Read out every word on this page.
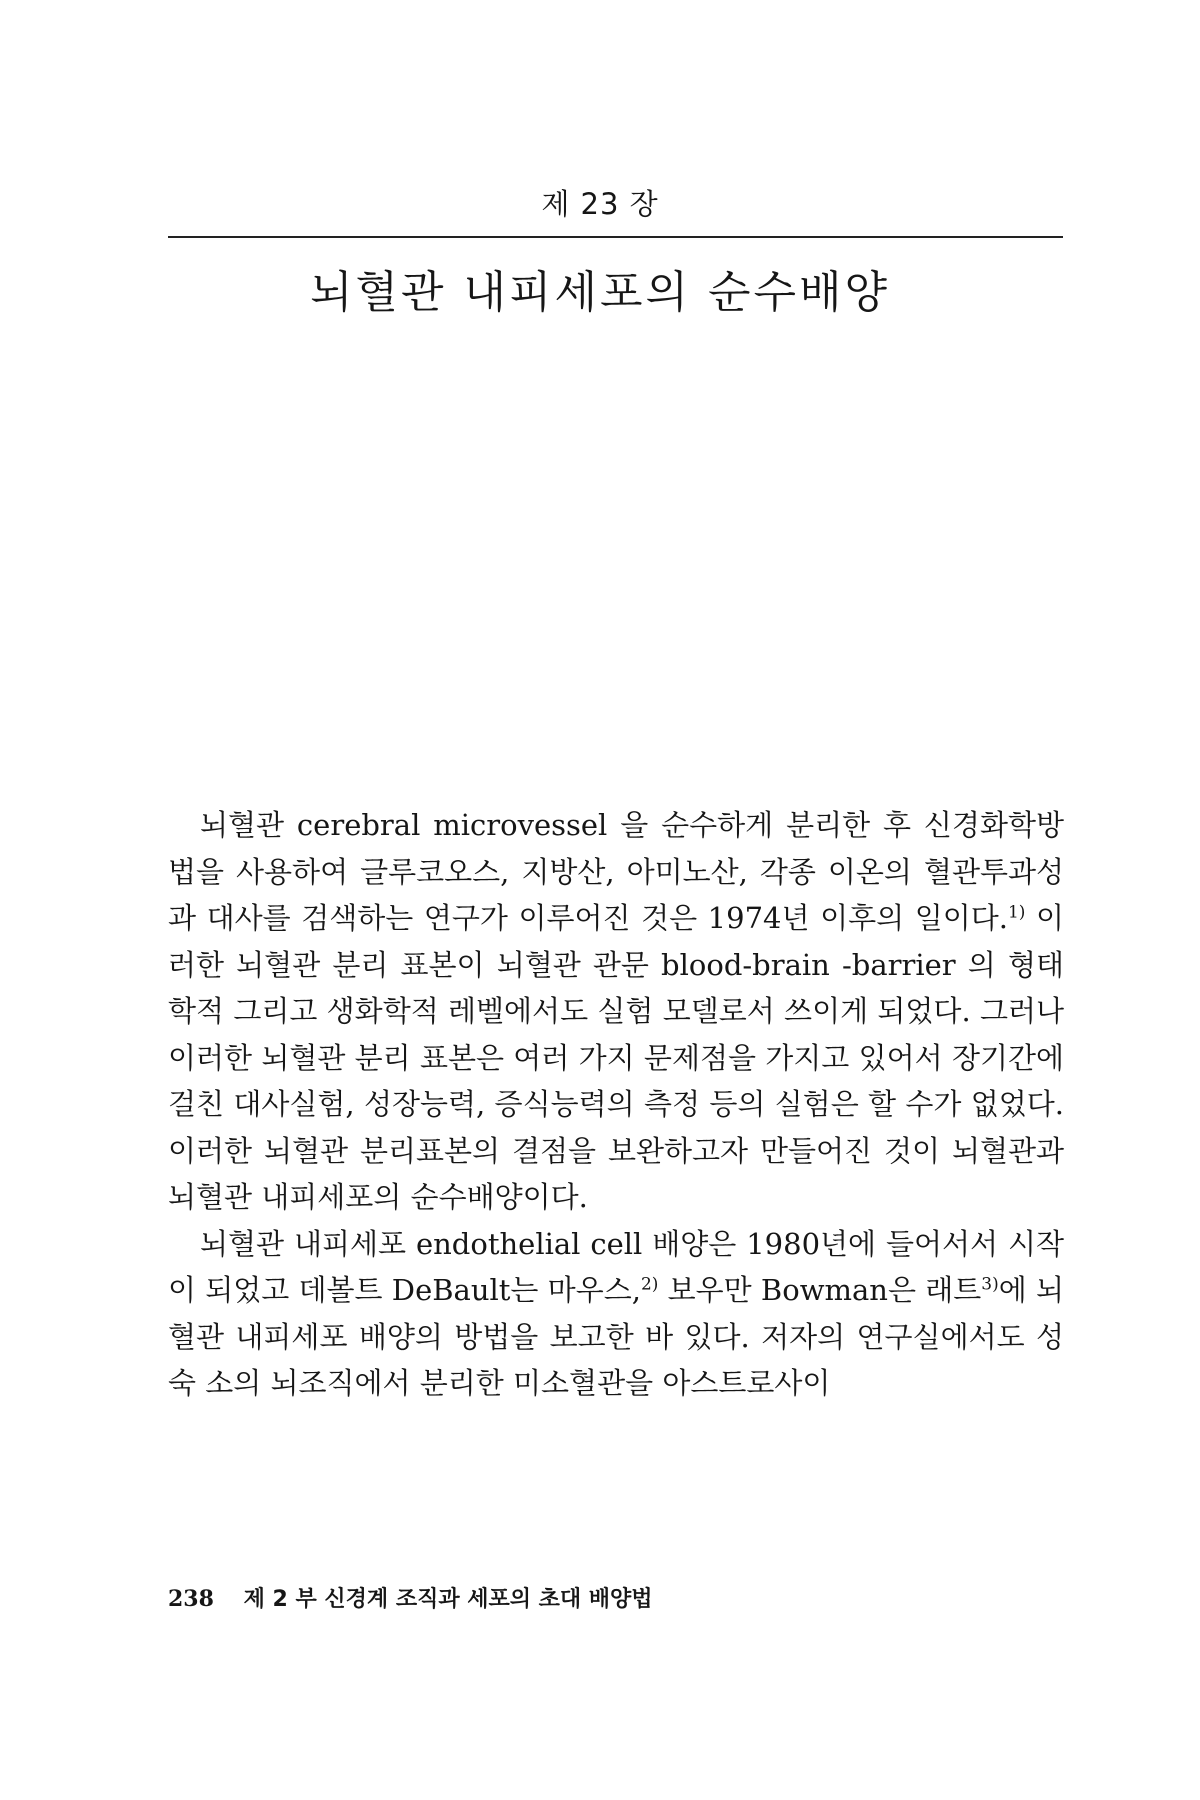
제 23 장
뇌혈관 내피세포의 순수배양

뇌혈관 cerebral microvessel 을 순수하게 분리한 후 신경화학방법을 사용하여 글루코오스, 지방산, 아미노산, 각종 이온의 혈관투과성과 대사를 검색하는 연구가 이루어진 것은 1974년 이후의 일이다.$^{1)}$ 이러한 뇌혈관 분리 표본이 뇌혈관 관문 blood-brain -barrier 의 형태학적 그리고 생화학적 레벨에서도 실험 모델로서 쓰이게 되었다. 그러나 이러한 뇌혈관 분리 표본은 여러 가지 문제점을 가지고 있어서 장기간에 걸친 대사실험, 성장능력, 증식능력의 측정 등의 실험은 할 수가 없었다. 이러한 뇌혈관 분리표본의 결점을 보완하고자 만들어진 것이 뇌혈관과 뇌혈관 내피세포의 순수배양이다.

뇌혈관 내피세포 endothelial cell 배양은 1980년에 들어서서 시작이 되었고 데볼트 DeBault는 마우스,$^{2)}$ 보우만 Bowman은 래트$^{3)}$에 뇌혈관 내피세포 배양의 방법을 보고한 바 있다. 저자의 연구실에서도 성숙 소의 뇌조직에서 분리한 미소혈관을 아스트로사이

238 제 2 부 신경계 조직과 세포의 초대 배양법
